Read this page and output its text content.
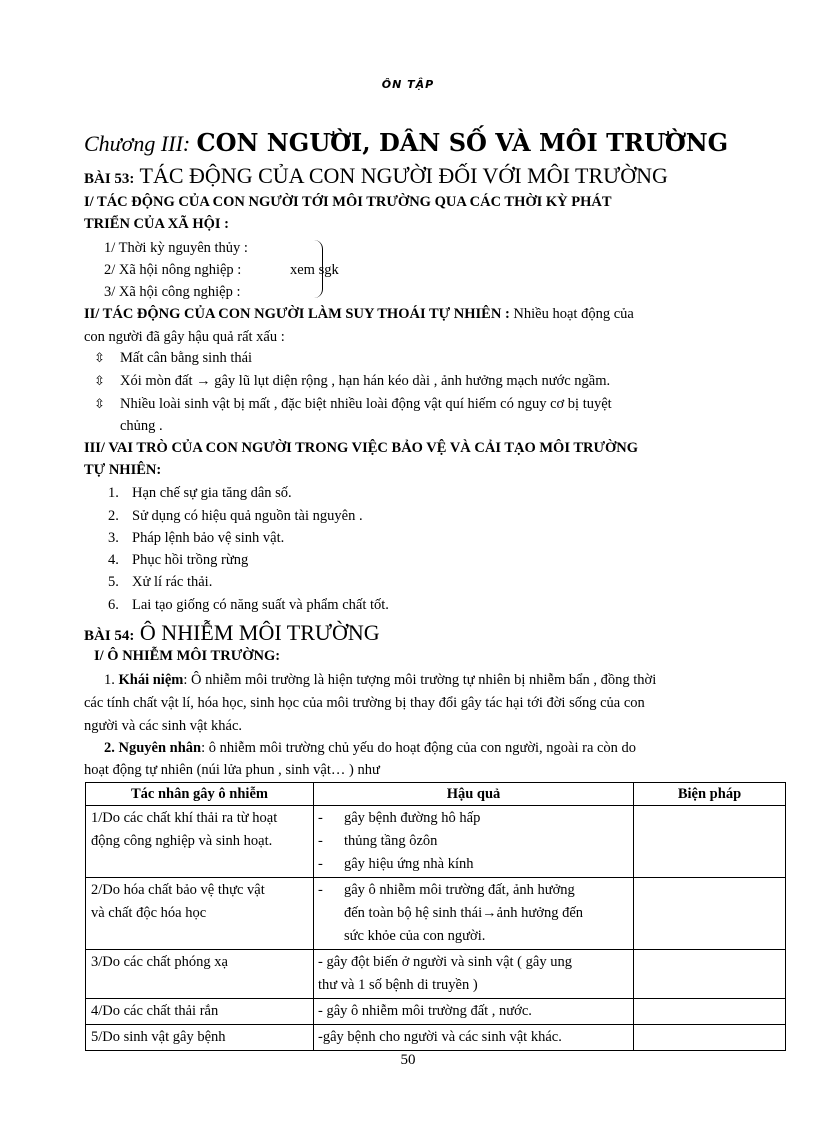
ÔN TẬP
Chương III: CON NGƯỜI, DÂN SỐ VÀ MÔI TRƯỜNG
BÀI 53: TÁC ĐỘNG CỦA CON NGƯỜI ĐỐI VỚI MÔI TRƯỜNG
I/ TÁC ĐỘNG CỦA CON NGƯỜI TỚI MÔI TRƯỜNG QUA CÁC THỜI KỲ PHÁT
TRIỂN CỦA XÃ HỘI :
1/ Thời kỳ nguyên thủy :
2/ Xã hội nông nghiệp :
3/ Xã hội công nghiệp :
xem sgk
II/ TÁC ĐỘNG CỦA CON NGƯỜI LÀM SUY THOÁI TỰ NHIÊN : Nhiều hoạt động của
con người đã gây hậu quả rất xấu :
⇳ Mất cân bằng sinh thái
⇳ Xói mòn đất → gây lũ lụt diện rộng , hạn hán kéo dài , ảnh hưởng mạch nước ngầm.
⇳ Nhiều loài sinh vật bị mất , đặc biệt nhiều loài động vật quí hiếm có nguy cơ bị tuyệt
chủng .
III/ VAI TRÒ CỦA CON NGƯỜI TRONG VIỆC BẢO VỆ VÀ CẢI TẠO MÔI TRƯỜNG
TỰ NHIÊN:
1. Hạn chế sự gia tăng dân số.
2. Sử dụng có hiệu quả nguồn tài nguyên .
3. Pháp lệnh bảo vệ sinh vật.
4. Phục hồi trồng rừng
5. Xử lí rác thải.
6. Lai tạo giống có năng suất và phẩm chất tốt.
BÀI 54: Ô NHIỄM MÔI TRƯỜNG
I/ Ô NHIỄM MÔI TRƯỜNG:
1. Khái niệm: Ô nhiễm môi trường là hiện tượng môi trường tự nhiên bị nhiễm bẩn , đồng thời
các tính chất vật lí, hóa học, sinh học của môi trường bị thay đổi gây tác hại tới đời sống của con
người và các sinh vật khác.
2. Nguyên nhân: ô nhiễm môi trường chủ yếu do hoạt động của con người, ngoài ra còn do
hoạt động tự nhiên (núi lửa phun , sinh vật… ) như
Tác nhân gây ô nhiễm	Hậu quả	Biện pháp

1/Do các chất khí thải ra từ hoạt
động công nghiệp và sinh hoạt.	- gây bệnh đường hô hấp
- thủng tầng ôzôn
- gây hiệu ứng nhà kính	

2/Do hóa chất bảo vệ thực vật
và chất độc hóa học	- gây ô nhiễm môi trường đất, ảnh hưởng
đến toàn bộ hệ sinh thái→ảnh hưởng đến
sức khỏe của con người.	

3/Do các chất phóng xạ	- gây đột biến ở người và sinh vật ( gây ung
thư và 1 số bệnh di truyền )	

4/Do các chất thải rắn	- gây ô nhiễm môi trường đất , nước.	

5/Do sinh vật gây bệnh	-gây bệnh cho người và các sinh vật khác.	

50
